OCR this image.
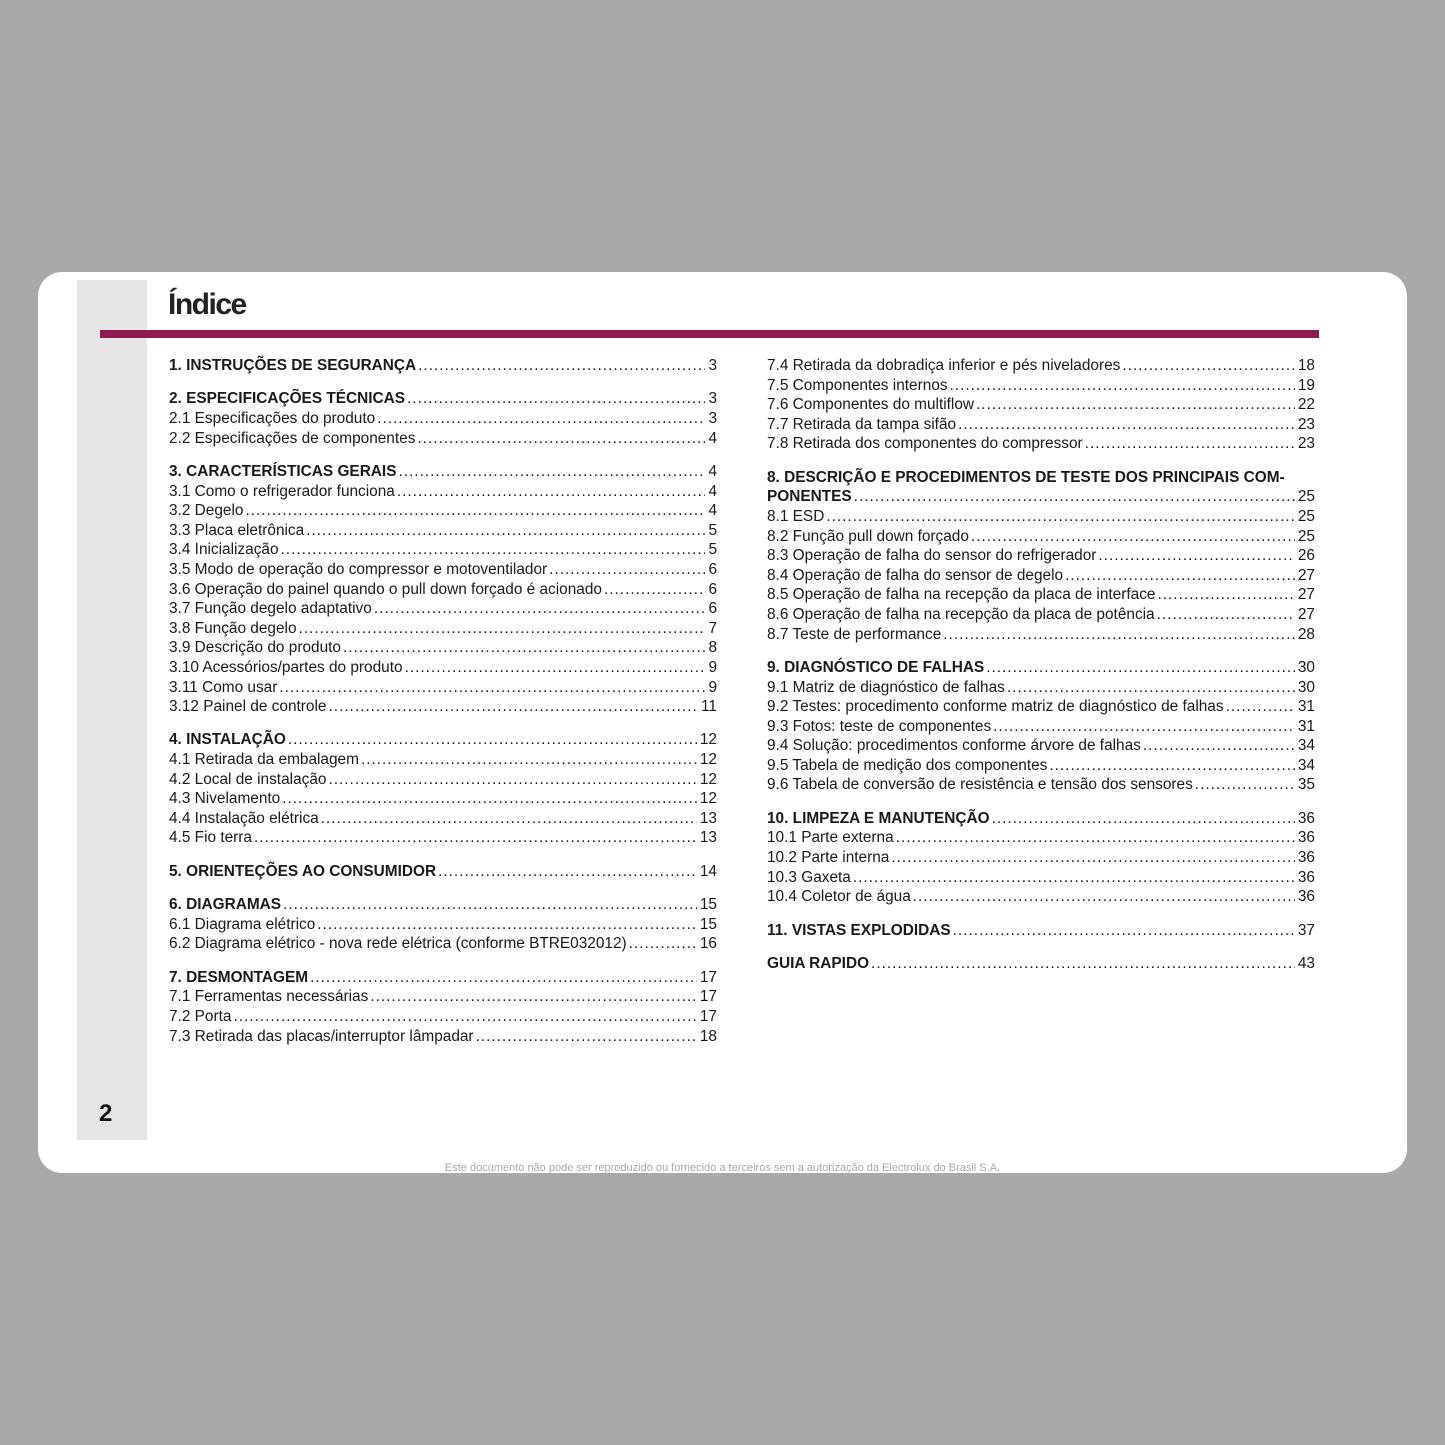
2
Índice
1. INSTRUÇÕES DE SEGURANÇA .....	3
2. ESPECIFICAÇÕES TÉCNICAS .....	3
2.1 Especificações do produto .....	3
2.2 Especificações de componentes .....	4
3. CARACTERÍSTICAS GERAIS .....	4
3.1 Como o refrigerador funciona .....	4
3.2 Degelo .....	4
3.3 Placa eletrônica .....	5
3.4 Inicialização .....	5
3.5 Modo de operação do compressor e motoventilador .....	6
3.6 Operação do painel quando o pull down forçado é acionado .....	6
3.7 Função degelo adaptativo .....	6
3.8 Função degelo .....	7
3.9 Descrição do produto .....	8
3.10 Acessórios/partes do produto .....	9
3.11 Como usar .....	9
3.12 Painel de controle .....	11
4. INSTALAÇÃO .....	12
4.1 Retirada da embalagem .....	12
4.2 Local de instalação .....	12
4.3 Nivelamento .....	12
4.4 Instalação elétrica .....	13
4.5 Fio terra .....	13
5. ORIENTEÇÕES AO CONSUMIDOR .....	14
6. DIAGRAMAS .....	15
6.1 Diagrama elétrico .....	15
6.2 Diagrama elétrico - nova rede elétrica (conforme BTRE032012) .....	16
7. DESMONTAGEM .....	17
7.1 Ferramentas necessárias .....	17
7.2 Porta .....	17
7.3 Retirada das placas/interruptor lâmpadar .....	18
7.4 Retirada da dobradiça inferior e pés niveladores .....	18
7.5 Componentes internos .....	19
7.6 Componentes do multiflow .....	22
7.7 Retirada da tampa sifão .....	23
7.8 Retirada dos componentes do compressor .....	23
8. DESCRIÇÃO E PROCEDIMENTOS DE TESTE DOS PRINCIPAIS COM-
PONENTES .....	25
8.1 ESD .....	25
8.2 Função pull down forçado .....	25
8.3 Operação de falha do sensor do refrigerador .....	26
8.4 Operação de falha do sensor de degelo .....	27
8.5 Operação de falha na recepção da placa de interface .....	27
8.6 Operação de falha na recepção da placa de potência .....	27
8.7 Teste de performance .....	28
9. DIAGNÓSTICO DE FALHAS .....	30
9.1 Matriz de diagnóstico de falhas .....	30
9.2 Testes: procedimento conforme matriz de diagnóstico de falhas .....	31
9.3 Fotos: teste de componentes .....	31
9.4 Solução: procedimentos conforme árvore de falhas .....	34
9.5 Tabela de medição dos componentes .....	34
9.6 Tabela de conversão de resistência e tensão dos sensores .....	35
10. LIMPEZA E MANUTENÇÃO .....	36
10.1 Parte externa .....	36
10.2 Parte interna .....	36
10.3 Gaxeta .....	36
10.4 Coletor de água .....	36
11. VISTAS EXPLODIDAS .....	37
GUIA RAPIDO .....	43
Este documento não pode ser reproduzido ou fornecido a terceiros sem a autorização da Electrolux do Brasil S.A.
